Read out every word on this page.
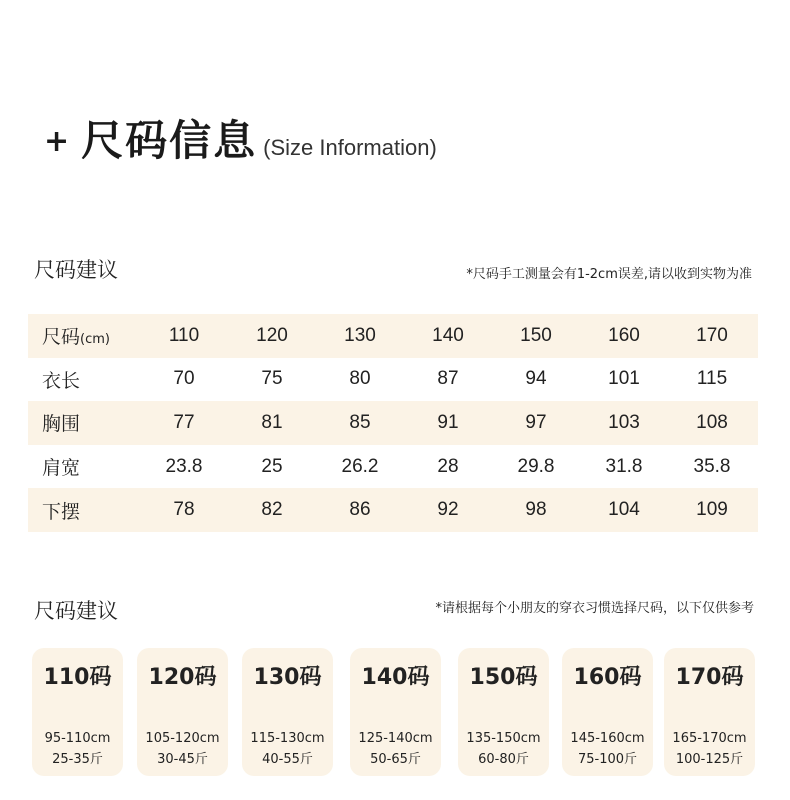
+ 尺码信息 (Size Information)
尺码建议	*尺码手工测量会有1-2cm误差,请以收到实物为准
尺码(cm)	110	120	130	140	150	160	170
衣长	70	75	80	87	94	101	115
胸围	77	81	85	91	97	103	108
肩宽	23.8	25	26.2	28	29.8	31.8	35.8
下摆	78	82	86	92	98	104	109
尺码建议	*请根据每个小朋友的穿衣习惯选择尺码，以下仅供参考
110码
95-110cm
25-35斤
120码
105-120cm
30-45斤
130码
115-130cm
40-55斤
140码
125-140cm
50-65斤
150码
135-150cm
60-80斤
160码
145-160cm
75-100斤
170码
165-170cm
100-125斤
